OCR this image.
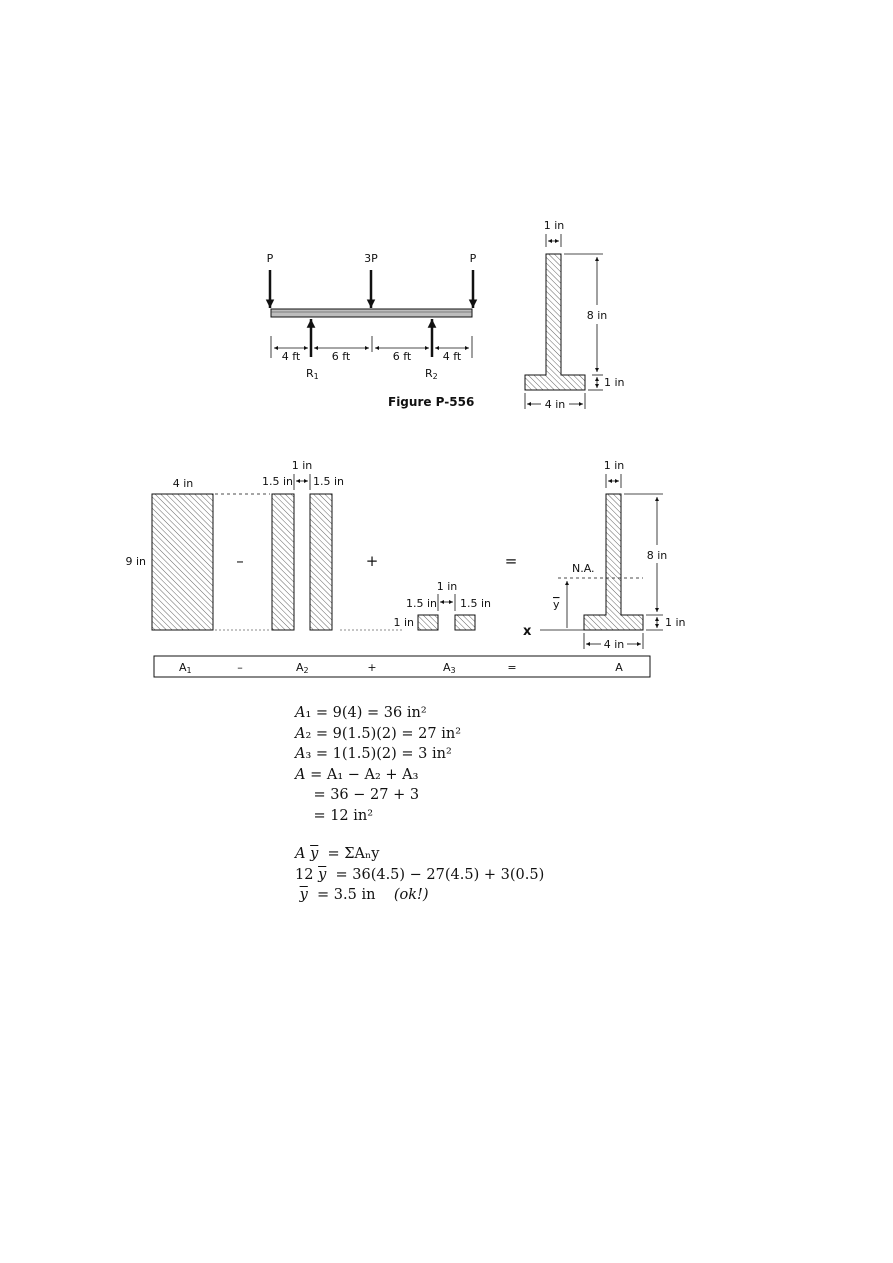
P	3P	P
4 ft	6 ft	6 ft	4 ft
R1	R2
Figure P-556
1 in
8 in
1 in
4 in
4 in
9 in	–
1 in
1.5 in 1.5 in
+
1 in
1.5 in 1.5 in
1 in
=
1 in
8 in
1 in
4 in
N.A.
y
x
A1	–	A2	+	A3	=	A
A₁ = 9(4) = 36 in²
A₂ = 9(1.5)(2) = 27 in²
A₃ = 1(1.5)(2) = 3 in²
A = A₁ − A₂ + A₃
= 36 − 27 + 3
= 12 in²
A $\overline{y} = \Sigma A_ny$
12 $\overline{y} = 36(4.5) - 27(4.5) + 3(0.5)$
$\overline{y} = 3.5$ in (ok!)
